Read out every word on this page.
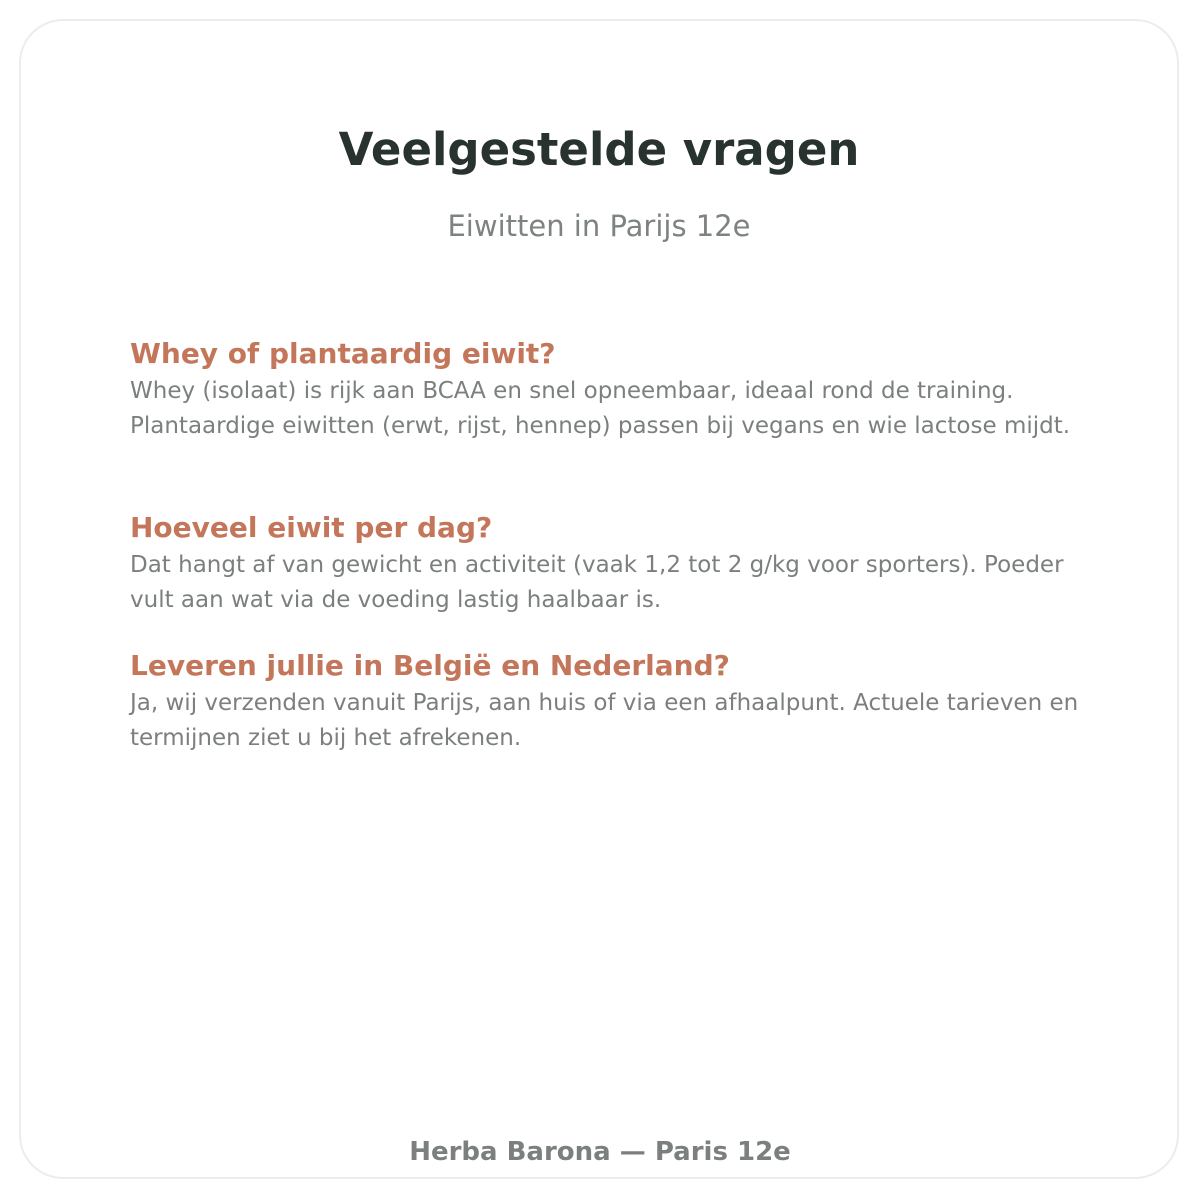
Veelgestelde vragen

Eiwitten in Parijs 12e

Whey of plantaardig eiwit?

Whey (isolaat) is rijk aan BCAA en snel opneembaar, ideaal rond de training. Plantaardige eiwitten (erwt, rijst, hennep) passen bij vegans en wie lactose mijdt.

Hoeveel eiwit per dag?

Dat hangt af van gewicht en activiteit (vaak 1,2 tot 2 g/kg voor sporters). Poeder vult aan wat via de voeding lastig haalbaar is.

Leveren jullie in België en Nederland?

Ja, wij verzenden vanuit Parijs, aan huis of via een afhaalpunt. Actuele tarieven en termijnen ziet u bij het afrekenen.

Herba Barona — Paris 12e
